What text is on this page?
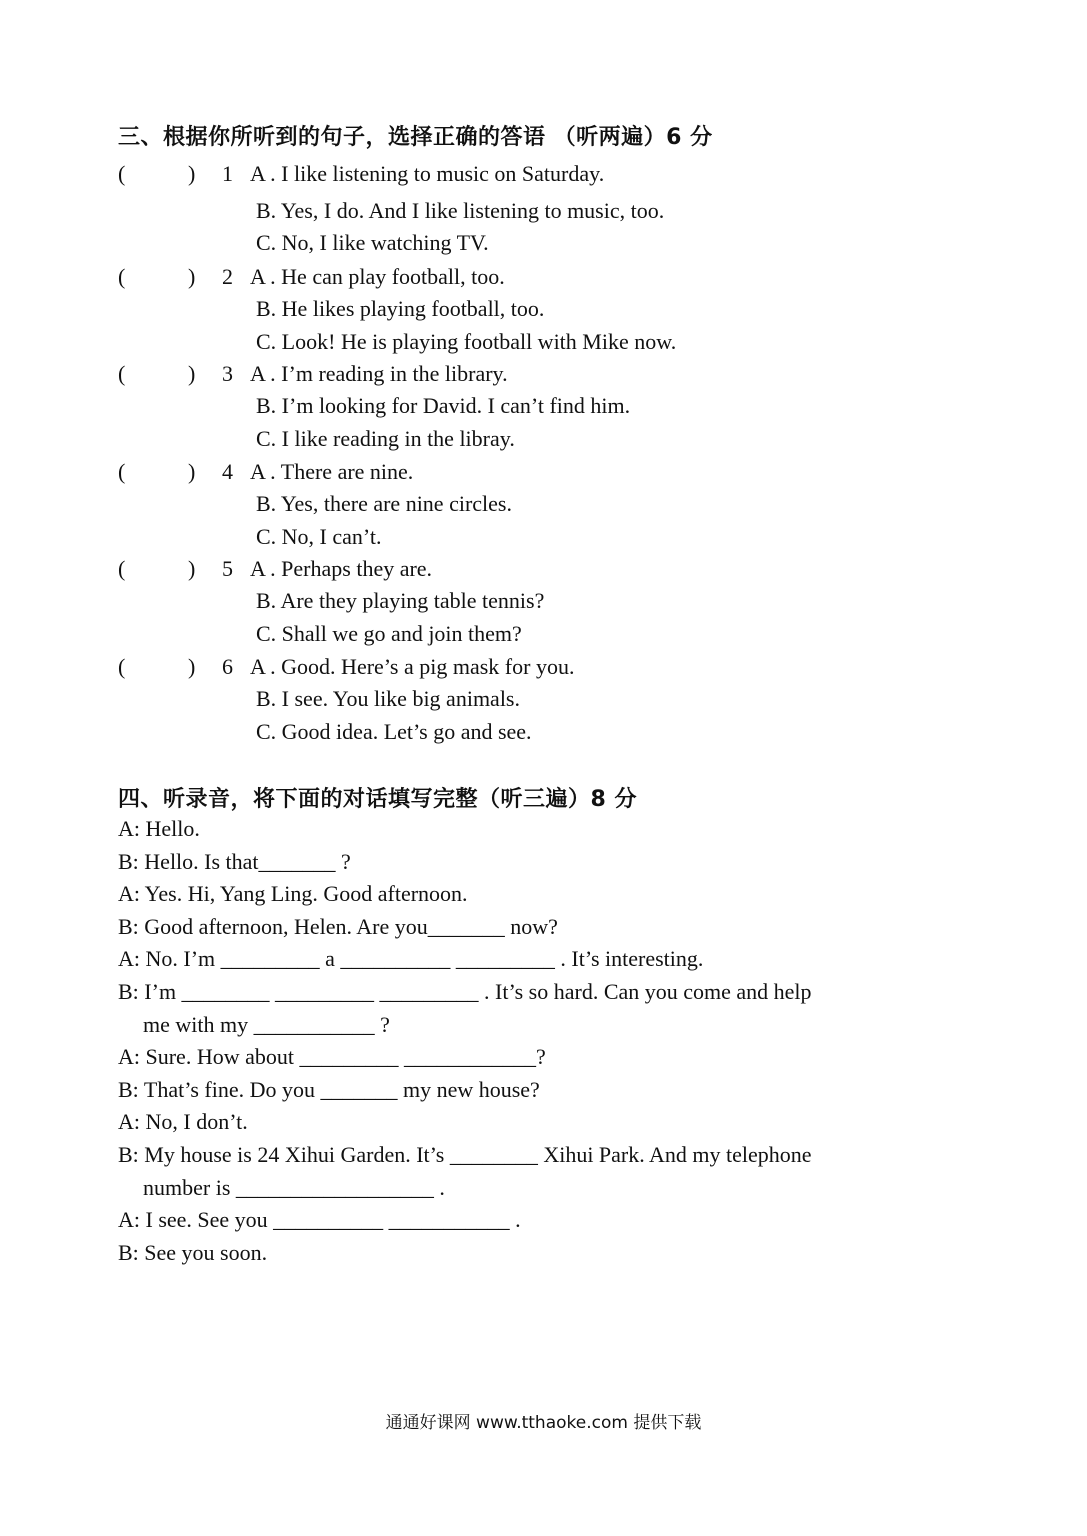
三、根据你所听到的句子，选择正确的答语 （听两遍）6 分
(	) 1 A . I like listening to music on Saturday.
B. Yes, I do. And I like listening to music, too.
C. No, I like watching TV.
(	) 2 A . He can play football, too.
B. He likes playing football, too.
C. Look! He is playing football with Mike now.
(	) 3 A . I’m reading in the library.
B. I’m looking for David. I can’t find him.
C. I like reading in the libray.
(	) 4 A . There are nine.
B. Yes, there are nine circles.
C. No, I can’t.
(	) 5 A . Perhaps they are.
B. Are they playing table tennis?
C. Shall we go and join them?
(	) 6 A . Good. Here’s a pig mask for you.
B. I see. You like big animals.
C. Good idea. Let’s go and see.
四、听录音，将下面的对话填写完整（听三遍）8 分
A: Hello.
B: Hello. Is that_______ ?
A: Yes. Hi, Yang Ling. Good afternoon.
B: Good afternoon, Helen. Are you_______ now?
A: No. I’m _________ a __________ _________ . It’s interesting.
B: I’m ________ _________ _________ . It’s so hard. Can you come and help
me with my ___________ ?
A: Sure. How about _________ ____________?
B: That’s fine. Do you _______ my new house?
A: No, I don’t.
B: My house is 24 Xihui Garden. It’s ________ Xihui Park. And my telephone
number is __________________ .
A: I see. See you __________ ___________ .
B: See you soon.
通通好课网 www.tthaoke.com 提供下载
